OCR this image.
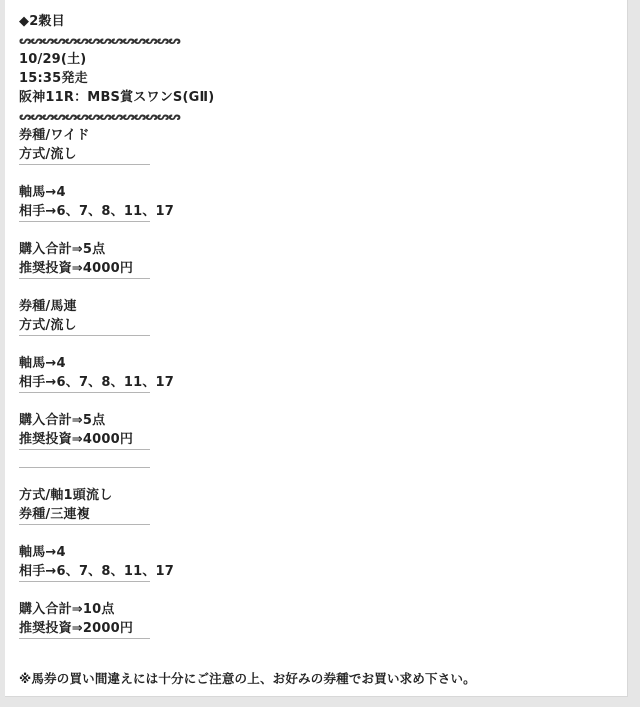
◆2穀目
ᔕᔕᔕᔕᔕᔕᔕᔕᔕᔕᔕᔕᔕᔕ
10/29(土)
15:35発走
阪神11R：MBS賞スワンS(GⅡ)
ᔕᔕᔕᔕᔕᔕᔕᔕᔕᔕᔕᔕᔕᔕ
券種/ワイド
方式/流し
軸馬→4
相手→6、7、8、11、17
購入合計⇒5点
推奨投資⇒4000円
券種/馬連
方式/流し
軸馬→4
相手→6、7、8、11、17
購入合計⇒5点
推奨投資⇒4000円
方式/軸1頭流し
券種/三連複
軸馬→4
相手→6、7、8、11、17
購入合計⇒10点
推奨投資⇒2000円
※馬券の買い間違えには十分にご注意の上、お好みの券種でお買い求め下さい。
